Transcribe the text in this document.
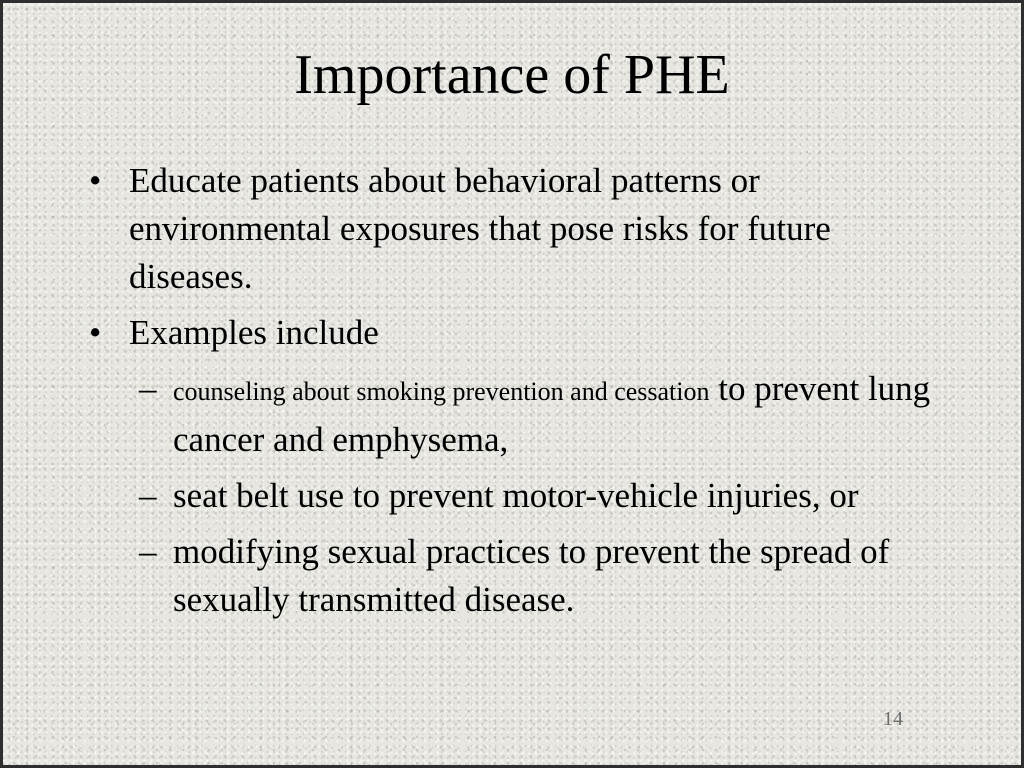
Importance of PHE
• Educate patients about behavioral patterns or environmental exposures that pose risks for future diseases.
• Examples include
– counseling about smoking prevention and cessation to prevent lung cancer and emphysema,
– seat belt use to prevent motor-vehicle injuries, or
– modifying sexual practices to prevent the spread of sexually transmitted disease.
14
